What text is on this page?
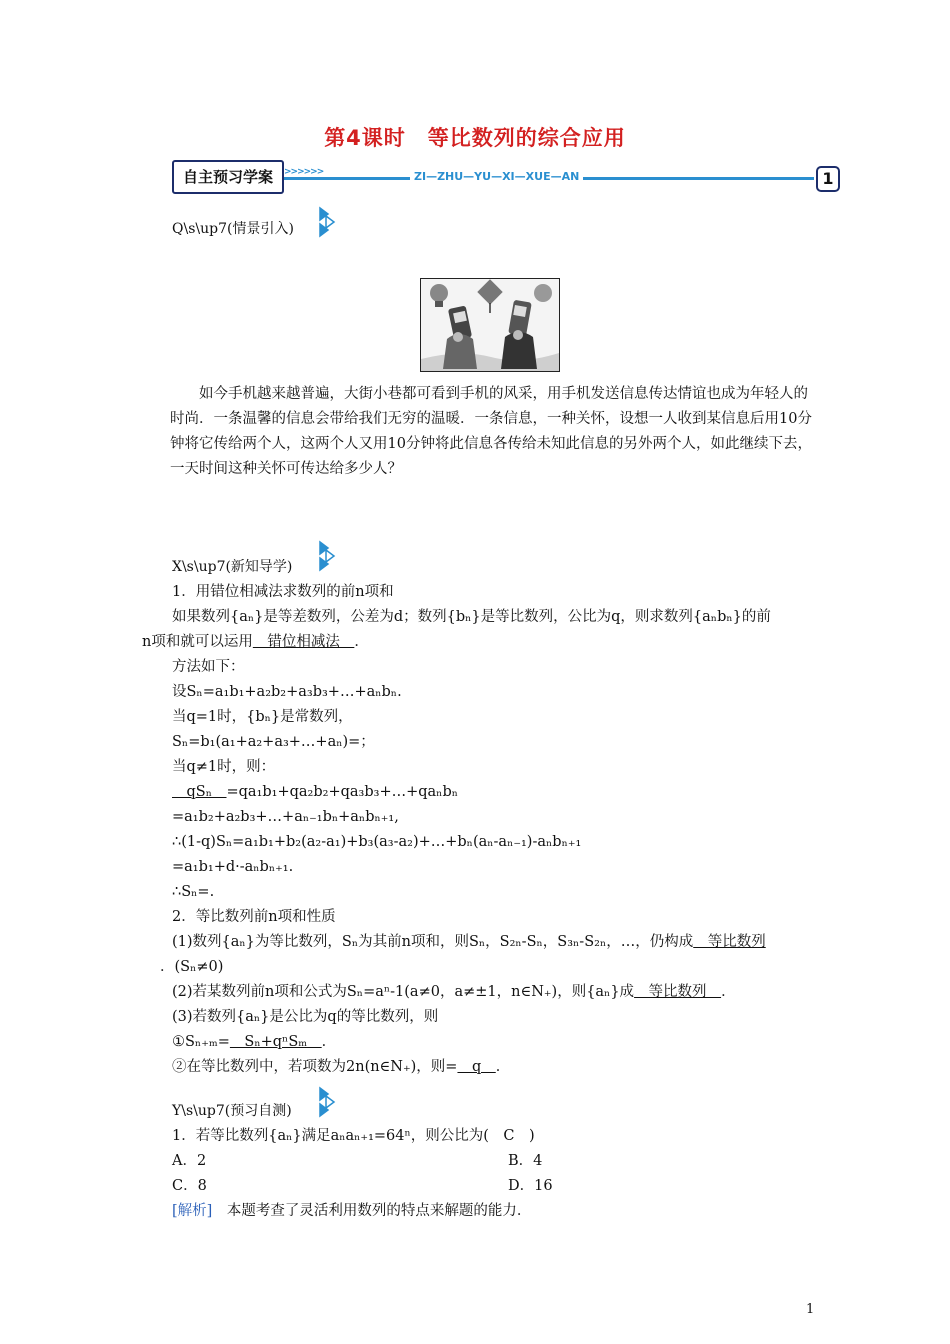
第4课时　等比数列的综合应用
自主预习学案	>>>>>>	ZI—ZHU—YU—XI—XUE—AN	1
Q\s\up7(情景引入)
如今手机越来越普遍，大街小巷都可看到手机的风采，用手机发送信息传达情谊也成为年轻人的时尚．一条温馨的信息会带给我们无穷的温暖．一条信息，一种关怀，设想一人收到某信息后用10分钟将它传给两个人，这两个人又用10分钟将此信息各传给未知此信息的另外两个人，如此继续下去，一天时间这种关怀可传达给多少人？
X\s\up7(新知导学)
1．用错位相减法求数列的前n项和
如果数列{aₙ}是等差数列，公差为d；数列{bₙ}是等比数列，公比为q，则求数列{aₙbₙ}的前
n项和就可以运用　错位相减法　．
方法如下：
设Sₙ=a₁b₁+a₂b₂+a₃b₃+…+aₙbₙ.
当q=1时，{bₙ}是常数列，
Sₙ=b₁(a₁+a₂+a₃+…+aₙ)=；
当q≠1时，则：
　qSₙ　=qa₁b₁+qa₂b₂+qa₃b₃+…+qaₙbₙ
=a₁b₂+a₂b₃+…+aₙ₋₁bₙ+aₙbₙ₊₁,
∴(1-q)Sₙ=a₁b₁+b₂(a₂-a₁)+b₃(a₃-a₂)+…+bₙ(aₙ-aₙ₋₁)-aₙbₙ₊₁
=a₁b₁+d·-aₙbₙ₊₁.
∴Sₙ=.
2．等比数列前n项和性质
(1)数列{aₙ}为等比数列，Sₙ为其前n项和，则Sₙ，S₂ₙ-Sₙ，S₃ₙ-S₂ₙ，…，仍构成　等比数列
．(Sₙ≠0)
(2)若某数列前n项和公式为Sₙ=aⁿ-1(a≠0，a≠±1，n∈N₊)，则{aₙ}成　等比数列　．
(3)若数列{aₙ}是公比为q的等比数列，则
①Sₙ₊ₘ=　Sₙ+qⁿSₘ　．
②在等比数列中，若项数为2n(n∈N₊)，则=　q　．
Y\s\up7(预习自测)
1．若等比数列{aₙ}满足aₙaₙ₊₁=64ⁿ，则公比为(　C　)
A．2	B．4
C．8	D．16
[解析]　本题考查了灵活利用数列的特点来解题的能力．
1
